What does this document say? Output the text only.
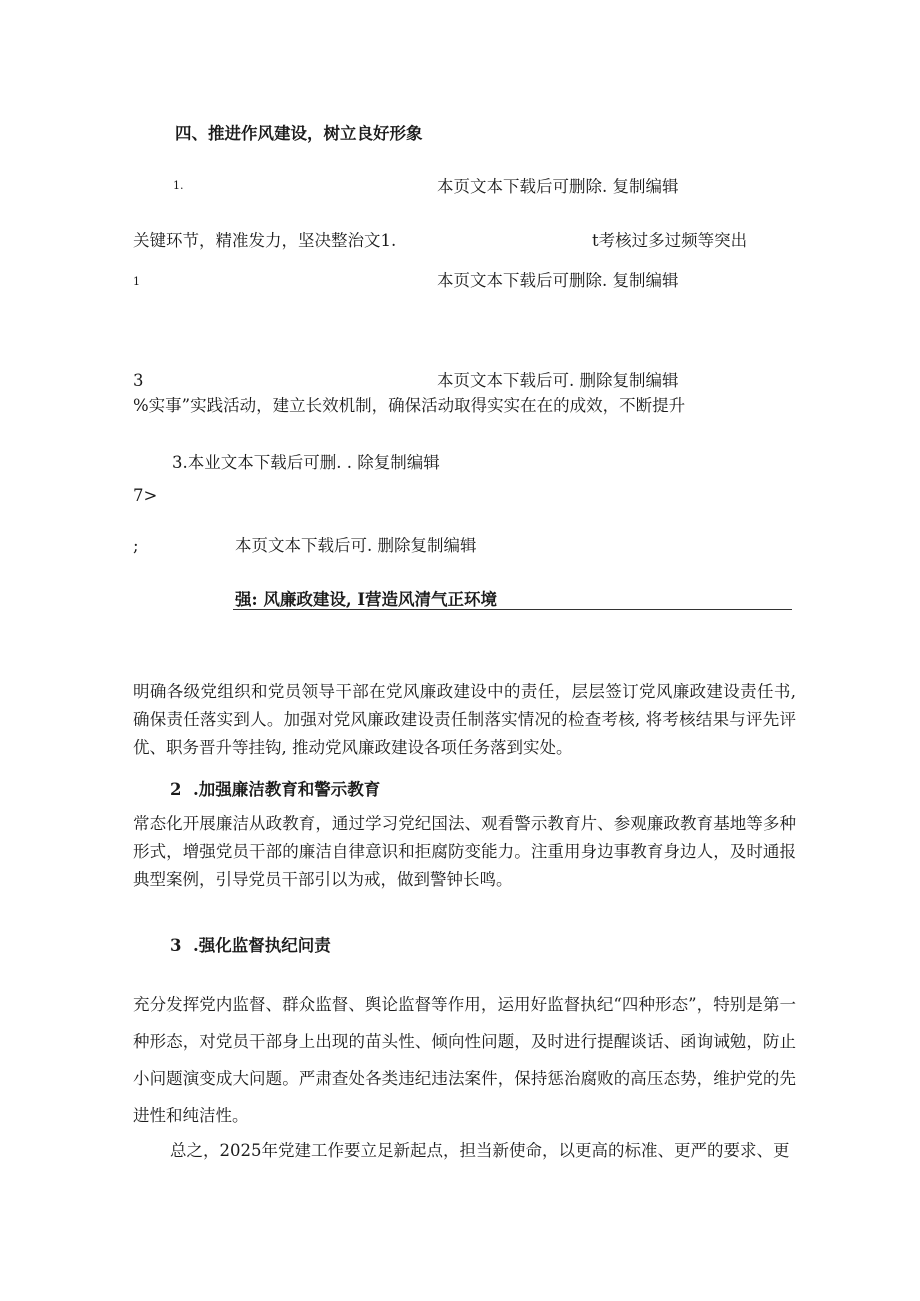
四、推进作风建设，树立良好形象
1.	本页文本下载后可删除. 复制编辑
关键环节，精准发力，坚决整治文1.	t考核过多过频等突出
1	本页文本下载后可删除. 复制编辑
3	本页文本下载后可. 删除复制编辑
%实事”实践活动，建立长效机制，确保活动取得实实在在的成效，不断提升
3.本业文本下载后可删. . 除复制编辑
7>
;	本页文本下载后可. 删除复制编辑
强: 风廉政建设, I营造风清气正环境

明确各级党组织和党员领导干部在党风廉政建设中的责任，层层签订党风廉政建设责任书, 确保责任落实到人。加强对党风廉政建设责任制落实情况的检查考核, 将考核结果与评先评优、职务晋升等挂钩, 推动党风廉政建设各项任务落到实处。

2  .加强廉洁教育和警示教育

常态化开展廉洁从政教育，通过学习党纪国法、观看警示教育片、参观廉政教育基地等多种形式，增强党员干部的廉洁自律意识和拒腐防变能力。注重用身边事教育身边人，及时通报典型案例，引导党员干部引以为戒，做到警钟长鸣。

3  .强化监督执纪问责

充分发挥党内监督、群众监督、舆论监督等作用，运用好监督执纪“四种形态”，特别是第一种形态，对党员干部身上出现的苗头性、倾向性问题，及时进行提醒谈话、函询诫勉，防止小问题演变成大问题。严肃查处各类违纪违法案件，保持惩治腐败的高压态势，维护党的先进性和纯洁性。

总之，2025年党建工作要立足新起点，担当新使命，以更高的标准、更严的要求、更
